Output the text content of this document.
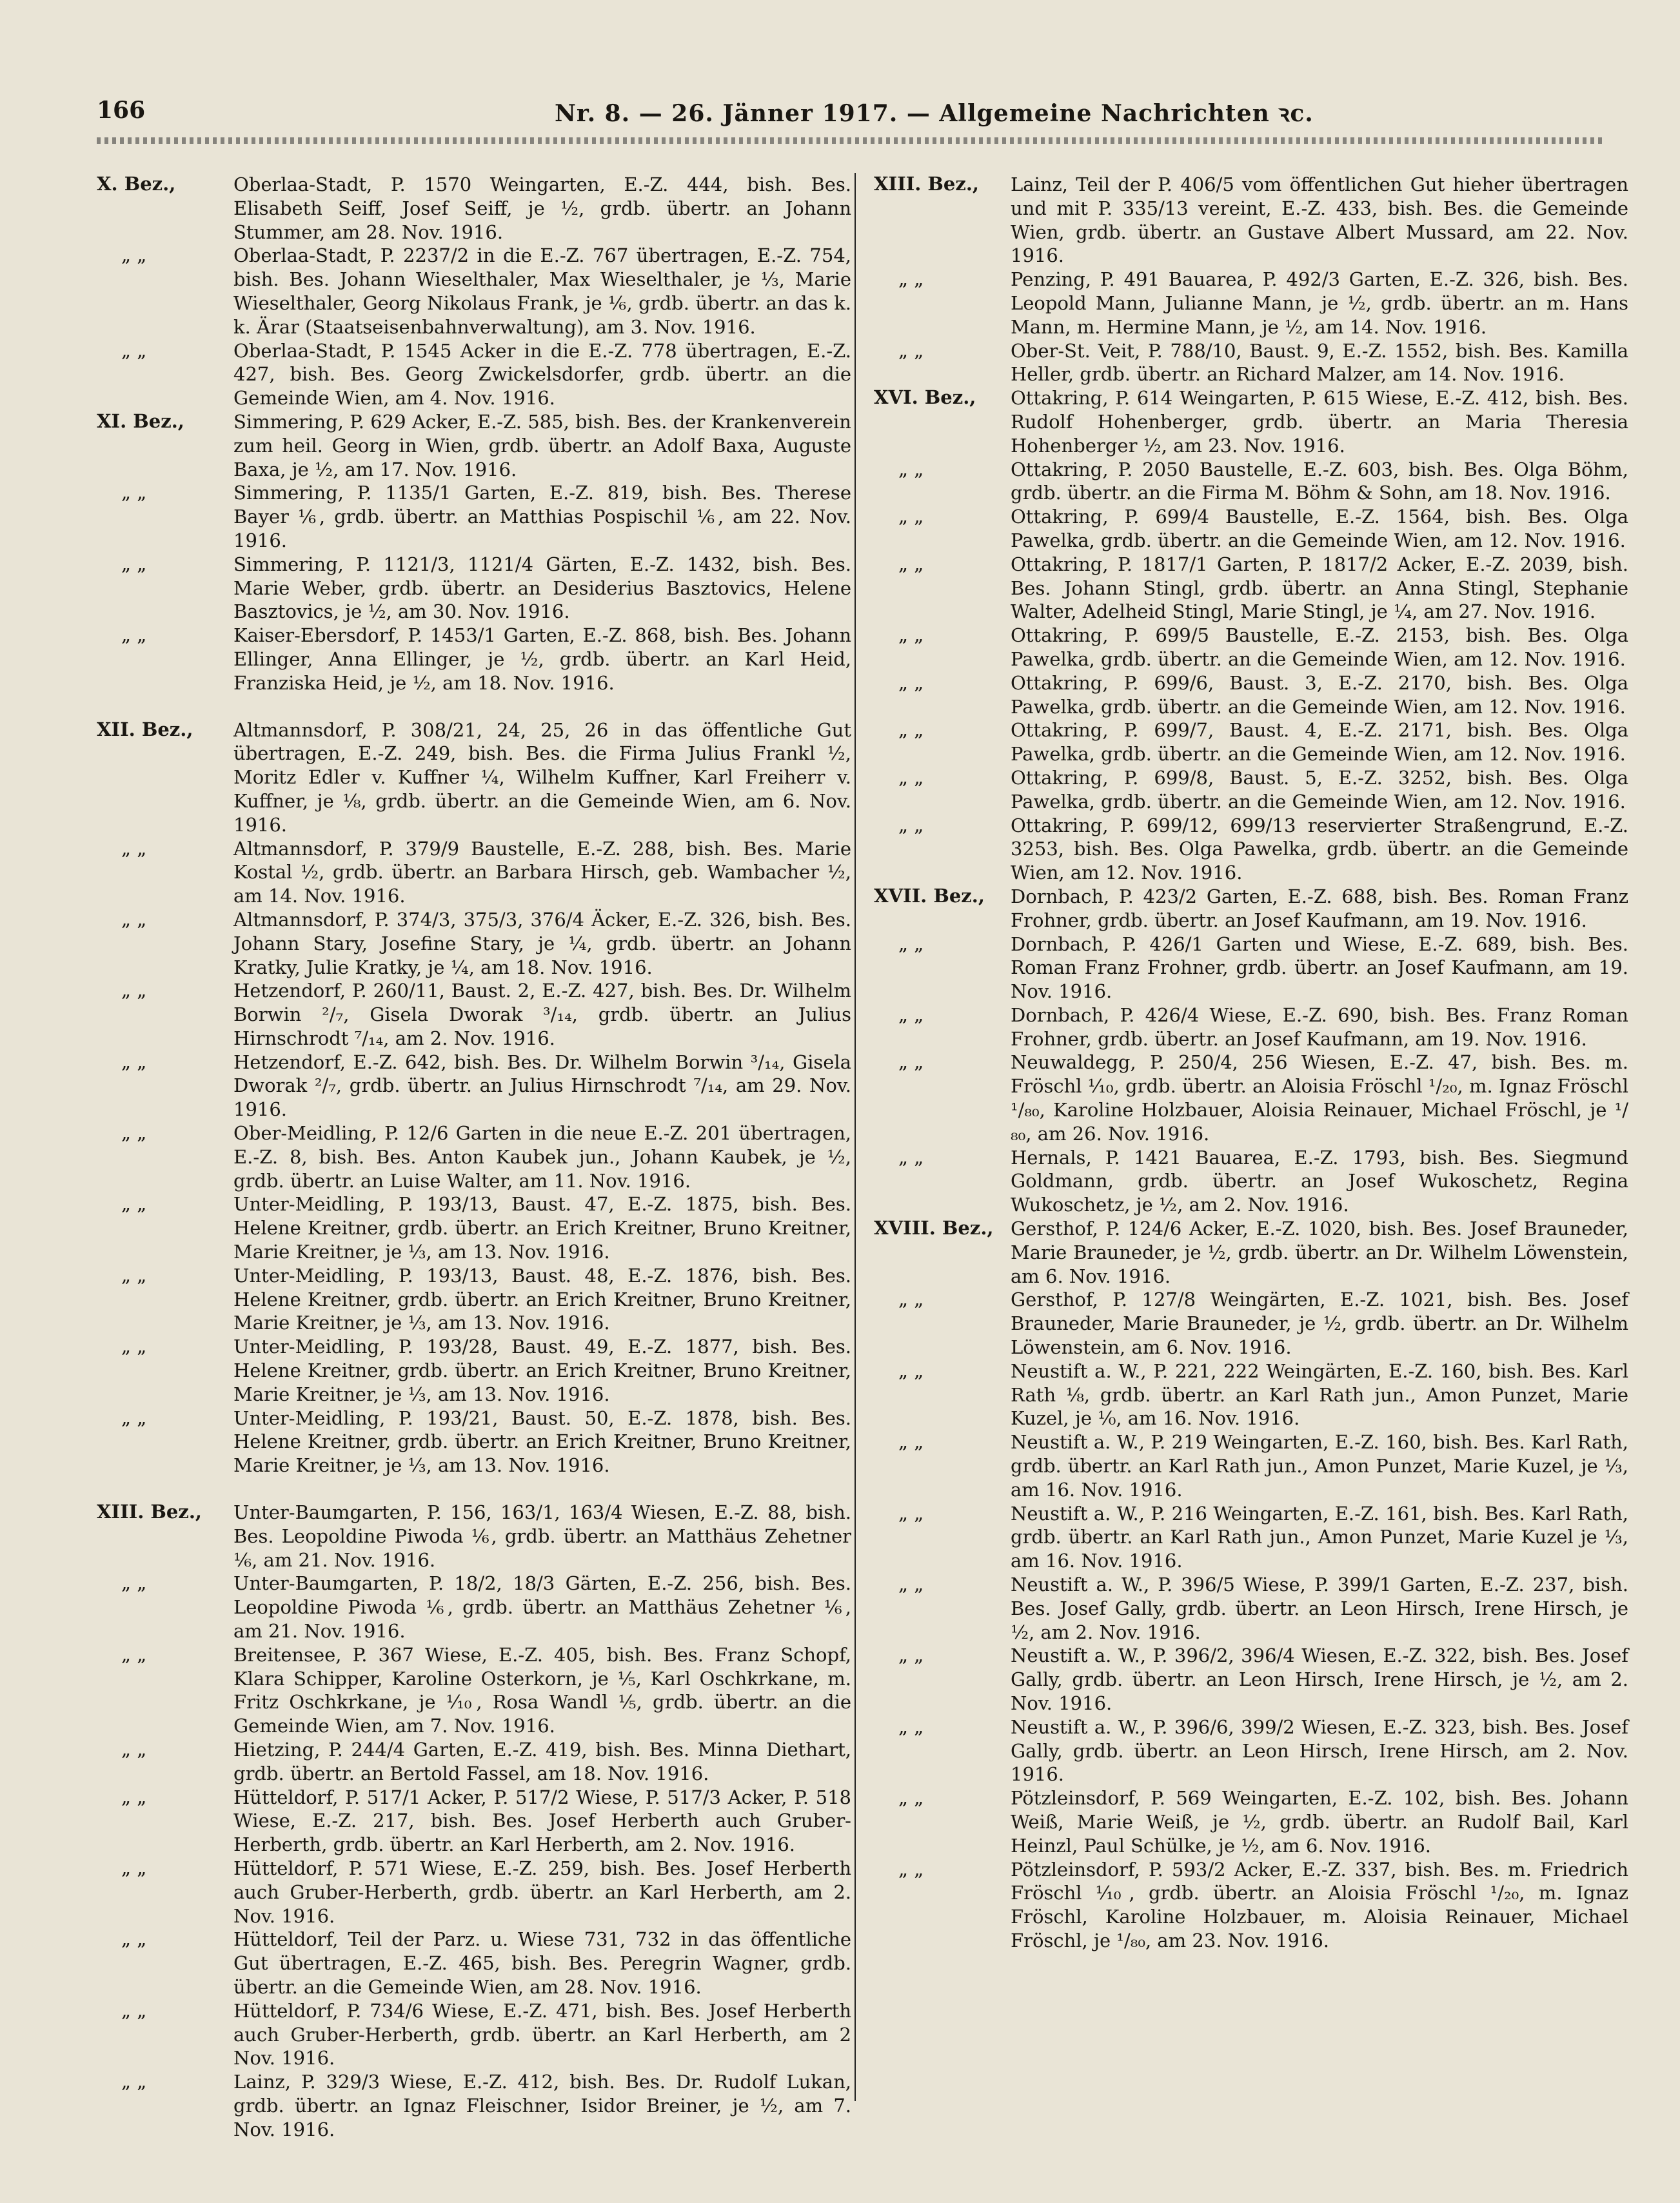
166	Nr. 8. — 26. Jänner 1917. — Allgemeine Nachrichten ꝛc.
X. Bez.,	Oberlaa-Stadt, P. 1570 Weingarten, E.-Z. 444, bish. Bes. Elisabeth Seiff, Josef Seiff, je ½, grdb. übertr. an Johann Stummer, am 28. Nov. 1916.
„ „	Oberlaa-Stadt, P. 2237/2 in die E.-Z. 767 übertragen, E.-Z. 754, bish. Bes. Johann Wieselthaler, Max Wieselthaler, je ⅓, Marie Wieselthaler, Georg Nikolaus Frank, je ⅙, grdb. übertr. an das k. k. Ärar (Staatseisenbahnverwaltung), am 3. Nov. 1916.
„ „	Oberlaa-Stadt, P. 1545 Acker in die E.-Z. 778 übertragen, E.-Z. 427, bish. Bes. Georg Zwickelsdorfer, grdb. übertr. an die Gemeinde Wien, am 4. Nov. 1916.
XI. Bez.,	Simmering, P. 629 Acker, E.-Z. 585, bish. Bes. der Krankenverein zum heil. Georg in Wien, grdb. übertr. an Adolf Baxa, Auguste Baxa, je ½, am 17. Nov. 1916.
„ „	Simmering, P. 1135/1 Garten, E.-Z. 819, bish. Bes. Therese Bayer ⅙, grdb. übertr. an Matthias Pospischil ⅙, am 22. Nov. 1916.
„ „	Simmering, P. 1121/3, 1121/4 Gärten, E.-Z. 1432, bish. Bes. Marie Weber, grdb. übertr. an Desiderius Basztovics, Helene Basztovics, je ½, am 30. Nov. 1916.
„ „	Kaiser-Ebersdorf, P. 1453/1 Garten, E.-Z. 868, bish. Bes. Johann Ellinger, Anna Ellinger, je ½, grdb. übertr. an Karl Heid, Franziska Heid, je ½, am 18. Nov. 1916.
XII. Bez.,	Altmannsdorf, P. 308/21, 24, 25, 26 in das öffentliche Gut übertragen, E.-Z. 249, bish. Bes. die Firma Julius Frankl ½, Moritz Edler v. Kuffner ¼, Wilhelm Kuffner, Karl Freiherr v. Kuffner, je ⅛, grdb. übertr. an die Gemeinde Wien, am 6. Nov. 1916.
„ „	Altmannsdorf, P. 379/9 Baustelle, E.-Z. 288, bish. Bes. Marie Kostal ½, grdb. übertr. an Barbara Hirsch, geb. Wambacher ½, am 14. Nov. 1916.
„ „	Altmannsdorf, P. 374/3, 375/3, 376/4 Äcker, E.-Z. 326, bish. Bes. Johann Stary, Josefine Stary, je ¼, grdb. übertr. an Johann Kratky, Julie Kratky, je ¼, am 18. Nov. 1916.
„ „	Hetzendorf, P. 260/11, Baust. 2, E.-Z. 427, bish. Bes. Dr. Wilhelm Borwin ²/₇, Gisela Dworak ³/₁₄, grdb. übertr. an Julius Hirnschrodt ⁷/₁₄, am 2. Nov. 1916.
„ „	Hetzendorf, E.-Z. 642, bish. Bes. Dr. Wilhelm Borwin ³/₁₄, Gisela Dworak ²/₇, grdb. übertr. an Julius Hirnschrodt ⁷/₁₄, am 29. Nov. 1916.
„ „	Ober-Meidling, P. 12/6 Garten in die neue E.-Z. 201 übertragen, E.-Z. 8, bish. Bes. Anton Kaubek jun., Johann Kaubek, je ½, grdb. übertr. an Luise Walter, am 11. Nov. 1916.
„ „	Unter-Meidling, P. 193/13, Baust. 47, E.-Z. 1875, bish. Bes. Helene Kreitner, grdb. übertr. an Erich Kreitner, Bruno Kreitner, Marie Kreitner, je ⅓, am 13. Nov. 1916.
„ „	Unter-Meidling, P. 193/13, Baust. 48, E.-Z. 1876, bish. Bes. Helene Kreitner, grdb. übertr. an Erich Kreitner, Bruno Kreitner, Marie Kreitner, je ⅓, am 13. Nov. 1916.
„ „	Unter-Meidling, P. 193/28, Baust. 49, E.-Z. 1877, bish. Bes. Helene Kreitner, grdb. übertr. an Erich Kreitner, Bruno Kreitner, Marie Kreitner, je ⅓, am 13. Nov. 1916.
„ „	Unter-Meidling, P. 193/21, Baust. 50, E.-Z. 1878, bish. Bes. Helene Kreitner, grdb. übertr. an Erich Kreitner, Bruno Kreitner, Marie Kreitner, je ⅓, am 13. Nov. 1916.
XIII. Bez.,	Unter-Baumgarten, P. 156, 163/1, 163/4 Wiesen, E.-Z. 88, bish. Bes. Leopoldine Piwoda ⅙, grdb. übertr. an Matthäus Zehetner ⅙, am 21. Nov. 1916.
„ „	Unter-Baumgarten, P. 18/2, 18/3 Gärten, E.-Z. 256, bish. Bes. Leopoldine Piwoda ⅙, grdb. übertr. an Matthäus Zehetner ⅙, am 21. Nov. 1916.
„ „	Breitensee, P. 367 Wiese, E.-Z. 405, bish. Bes. Franz Schopf, Klara Schipper, Karoline Osterkorn, je ⅕, Karl Oschkrkane, m. Fritz Oschkrkane, je ⅒, Rosa Wandl ⅕, grdb. übertr. an die Gemeinde Wien, am 7. Nov. 1916.
„ „	Hietzing, P. 244/4 Garten, E.-Z. 419, bish. Bes. Minna Diethart, grdb. übertr. an Bertold Fassel, am 18. Nov. 1916.
„ „	Hütteldorf, P. 517/1 Acker, P. 517/2 Wiese, P. 517/3 Acker, P. 518 Wiese, E.-Z. 217, bish. Bes. Josef Herberth auch Gruber-Herberth, grdb. übertr. an Karl Herberth, am 2. Nov. 1916.
„ „	Hütteldorf, P. 571 Wiese, E.-Z. 259, bish. Bes. Josef Herberth auch Gruber-Herberth, grdb. übertr. an Karl Herberth, am 2. Nov. 1916.
„ „	Hütteldorf, Teil der Parz. u. Wiese 731, 732 in das öffentliche Gut übertragen, E.-Z. 465, bish. Bes. Peregrin Wagner, grdb. übertr. an die Gemeinde Wien, am 28. Nov. 1916.
„ „	Hütteldorf, P. 734/6 Wiese, E.-Z. 471, bish. Bes. Josef Herberth auch Gruber-Herberth, grdb. übertr. an Karl Herberth, am 2 Nov. 1916.
„ „	Lainz, P. 329/3 Wiese, E.-Z. 412, bish. Bes. Dr. Rudolf Lukan, grdb. übertr. an Ignaz Fleischner, Isidor Breiner, je ½, am 7. Nov. 1916.
XIII. Bez.,	Lainz, Teil der P. 406/5 vom öffentlichen Gut hieher übertragen und mit P. 335/13 vereint, E.-Z. 433, bish. Bes. die Gemeinde Wien, grdb. übertr. an Gustave Albert Mussard, am 22. Nov. 1916.
„ „	Penzing, P. 491 Bauarea, P. 492/3 Garten, E.-Z. 326, bish. Bes. Leopold Mann, Julianne Mann, je ½, grdb. übertr. an m. Hans Mann, m. Hermine Mann, je ½, am 14. Nov. 1916.
„ „	Ober-St. Veit, P. 788/10, Baust. 9, E.-Z. 1552, bish. Bes. Kamilla Heller, grdb. übertr. an Richard Malzer, am 14. Nov. 1916.
XVI. Bez.,	Ottakring, P. 614 Weingarten, P. 615 Wiese, E.-Z. 412, bish. Bes. Rudolf Hohenberger, grdb. übertr. an Maria Theresia Hohenberger ½, am 23. Nov. 1916.
„ „	Ottakring, P. 2050 Baustelle, E.-Z. 603, bish. Bes. Olga Böhm, grdb. übertr. an die Firma M. Böhm & Sohn, am 18. Nov. 1916.
„ „	Ottakring, P. 699/4 Baustelle, E.-Z. 1564, bish. Bes. Olga Pawelka, grdb. übertr. an die Gemeinde Wien, am 12. Nov. 1916.
„ „	Ottakring, P. 1817/1 Garten, P. 1817/2 Acker, E.-Z. 2039, bish. Bes. Johann Stingl, grdb. übertr. an Anna Stingl, Stephanie Walter, Adelheid Stingl, Marie Stingl, je ¼, am 27. Nov. 1916.
„ „	Ottakring, P. 699/5 Baustelle, E.-Z. 2153, bish. Bes. Olga Pawelka, grdb. übertr. an die Gemeinde Wien, am 12. Nov. 1916.
„ „	Ottakring, P. 699/6, Baust. 3, E.-Z. 2170, bish. Bes. Olga Pawelka, grdb. übertr. an die Gemeinde Wien, am 12. Nov. 1916.
„ „	Ottakring, P. 699/7, Baust. 4, E.-Z. 2171, bish. Bes. Olga Pawelka, grdb. übertr. an die Gemeinde Wien, am 12. Nov. 1916.
„ „	Ottakring, P. 699/8, Baust. 5, E.-Z. 3252, bish. Bes. Olga Pawelka, grdb. übertr. an die Gemeinde Wien, am 12. Nov. 1916.
„ „	Ottakring, P. 699/12, 699/13 reservierter Straßengrund, E.-Z. 3253, bish. Bes. Olga Pawelka, grdb. übertr. an die Gemeinde Wien, am 12. Nov. 1916.
XVII. Bez.,	Dornbach, P. 423/2 Garten, E.-Z. 688, bish. Bes. Roman Franz Frohner, grdb. übertr. an Josef Kaufmann, am 19. Nov. 1916.
„ „	Dornbach, P. 426/1 Garten und Wiese, E.-Z. 689, bish. Bes. Roman Franz Frohner, grdb. übertr. an Josef Kaufmann, am 19. Nov. 1916.
„ „	Dornbach, P. 426/4 Wiese, E.-Z. 690, bish. Bes. Franz Roman Frohner, grdb. übertr. an Josef Kaufmann, am 19. Nov. 1916.
„ „	Neuwaldegg, P. 250/4, 256 Wiesen, E.-Z. 47, bish. Bes. m. Fröschl ⅒, grdb. übertr. an Aloisia Fröschl ¹/₂₀, m. Ignaz Fröschl ¹/₈₀, Karoline Holzbauer, Aloisia Reinauer, Michael Fröschl, je ¹/₈₀, am 26. Nov. 1916.
„ „	Hernals, P. 1421 Bauarea, E.-Z. 1793, bish. Bes. Siegmund Goldmann, grdb. übertr. an Josef Wukoschetz, Regina Wukoschetz, je ½, am 2. Nov. 1916.
XVIII. Bez., Gersthof, P. 124/6 Acker, E.-Z. 1020, bish. Bes. Josef Brauneder, Marie Brauneder, je ½, grdb. übertr. an Dr. Wilhelm Löwenstein, am 6. Nov. 1916.
„ „	Gersthof, P. 127/8 Weingärten, E.-Z. 1021, bish. Bes. Josef Brauneder, Marie Brauneder, je ½, grdb. übertr. an Dr. Wilhelm Löwenstein, am 6. Nov. 1916.
„ „	Neustift a. W., P. 221, 222 Weingärten, E.-Z. 160, bish. Bes. Karl Rath ⅛, grdb. übertr. an Karl Rath jun., Amon Punzet, Marie Kuzel, je ⅟₀, am 16. Nov. 1916.
„ „	Neustift a. W., P. 219 Weingarten, E.-Z. 160, bish. Bes. Karl Rath, grdb. übertr. an Karl Rath jun., Amon Punzet, Marie Kuzel, je ⅓, am 16. Nov. 1916.
„ „	Neustift a. W., P. 216 Weingarten, E.-Z. 161, bish. Bes. Karl Rath, grdb. übertr. an Karl Rath jun., Amon Punzet, Marie Kuzel je ⅓, am 16. Nov. 1916.
„ „	Neustift a. W., P. 396/5 Wiese, P. 399/1 Garten, E.-Z. 237, bish. Bes. Josef Gally, grdb. übertr. an Leon Hirsch, Irene Hirsch, je ½, am 2. Nov. 1916.
„ „	Neustift a. W., P. 396/2, 396/4 Wiesen, E.-Z. 322, bish. Bes. Josef Gally, grdb. übertr. an Leon Hirsch, Irene Hirsch, je ½, am 2. Nov. 1916.
„ „	Neustift a. W., P. 396/6, 399/2 Wiesen, E.-Z. 323, bish. Bes. Josef Gally, grdb. übertr. an Leon Hirsch, Irene Hirsch, am 2. Nov. 1916.
„ „	Pötzleinsdorf, P. 569 Weingarten, E.-Z. 102, bish. Bes. Johann Weiß, Marie Weiß, je ½, grdb. übertr. an Rudolf Bail, Karl Heinzl, Paul Schülke, je ½, am 6. Nov. 1916.
„ „	Pötzleinsdorf, P. 593/2 Acker, E.-Z. 337, bish. Bes. m. Friedrich Fröschl ⅒, grdb. übertr. an Aloisia Fröschl ¹/₂₀, m. Ignaz Fröschl, Karoline Holzbauer, m. Aloisia Reinauer, Michael Fröschl, je ¹/₈₀, am 23. Nov. 1916.
